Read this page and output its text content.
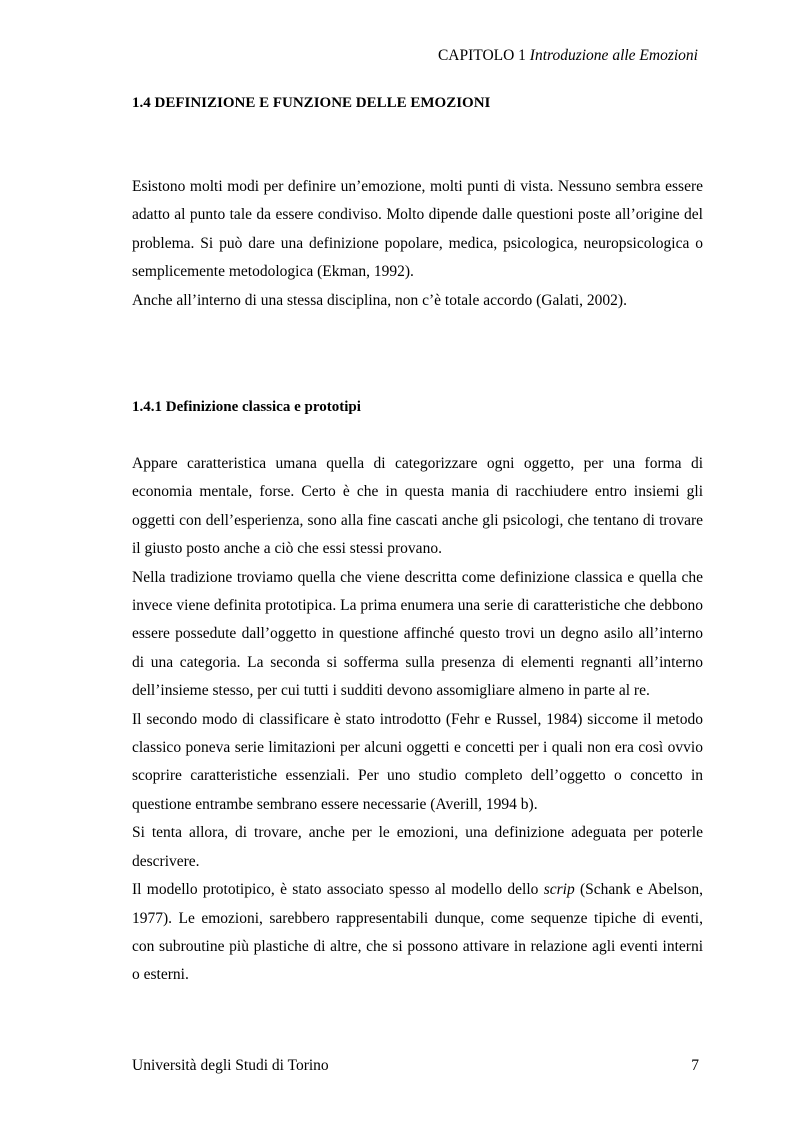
CAPITOLO 1 Introduzione alle Emozioni
1.4 DEFINIZIONE E FUNZIONE DELLE EMOZIONI

Esistono molti modi per definire un’emozione, molti punti di vista. Nessuno sembra essere adatto al punto tale da essere condiviso. Molto dipende dalle questioni poste all’origine del problema. Si può dare una definizione popolare, medica, psicologica, neuropsicologica o semplicemente metodologica (Ekman, 1992).

Anche all’interno di una stessa disciplina, non c’è totale accordo (Galati, 2002).

1.4.1 Definizione classica e prototipi

Appare caratteristica umana quella di categorizzare ogni oggetto, per una forma di economia mentale, forse. Certo è che in questa mania di racchiudere entro insiemi gli oggetti con dell’esperienza, sono alla fine cascati anche gli psicologi, che tentano di trovare il giusto posto anche a ciò che essi stessi provano.

Nella tradizione troviamo quella che viene descritta come definizione classica e quella che invece viene definita prototipica. La prima enumera una serie di caratteristiche che debbono essere possedute dall’oggetto in questione affinché questo trovi un degno asilo all’interno di una categoria. La seconda si sofferma sulla presenza di elementi regnanti all’interno dell’insieme stesso, per cui tutti i sudditi devono assomigliare almeno in parte al re.

Il secondo modo di classificare è stato introdotto (Fehr e Russel, 1984) siccome il metodo classico poneva serie limitazioni per alcuni oggetti e concetti per i quali non era così ovvio scoprire caratteristiche essenziali. Per uno studio completo dell’oggetto o concetto in questione entrambe sembrano essere necessarie (Averill, 1994 b).

Si tenta allora, di trovare, anche per le emozioni, una definizione adeguata per poterle descrivere.

Il modello prototipico, è stato associato spesso al modello dello scrip (Schank e Abelson, 1977). Le emozioni, sarebbero rappresentabili dunque, come sequenze tipiche di eventi, con subroutine più plastiche di altre, che si possono attivare in relazione agli eventi interni o esterni.

Università degli Studi di Torino	7
